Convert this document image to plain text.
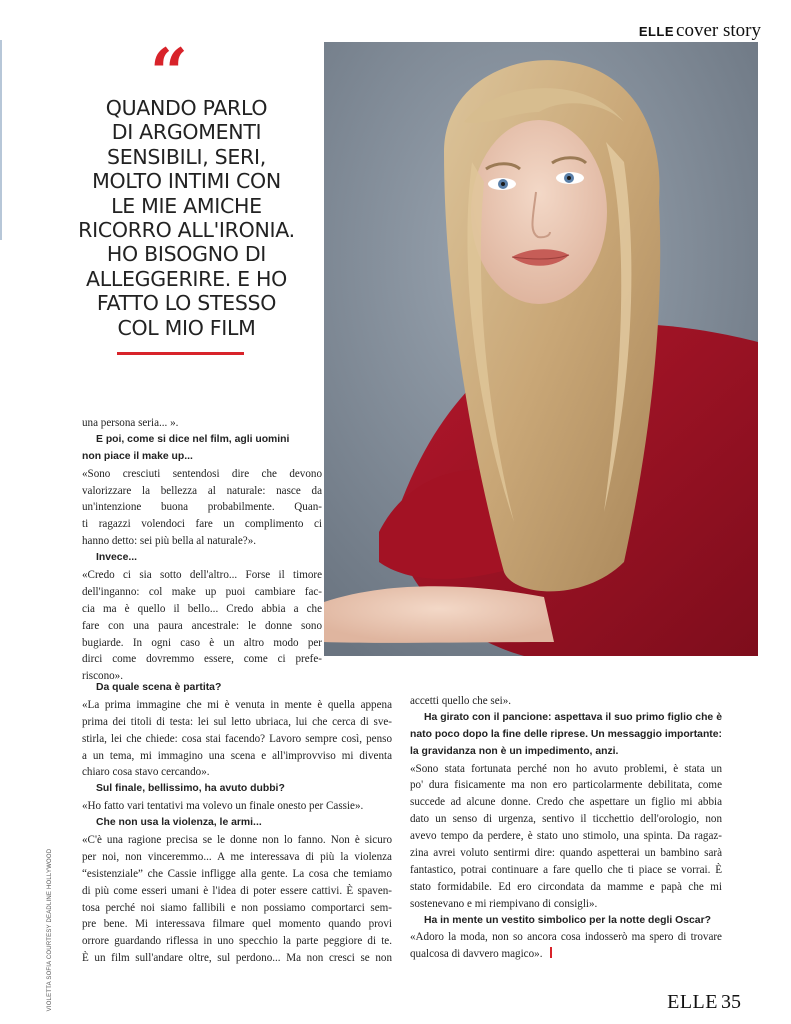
ELLE cover story
“
QUANDO PARLO
DI ARGOMENTI
SENSIBILI, SERI,
MOLTO INTIMI CON
LE MIE AMICHE
RICORRO ALL'IRONIA.
HO BISOGNO DI
ALLEGGERIRE. E HO
FATTO LO STESSO
COL MIO FILM
una persona seria... ».
E poi, come si dice nel film, agli uomini
non piace il make up...
«Sono cresciuti sentendosi dire che devono
valorizzare la bellezza al naturale: nasce da
un'intenzione buona probabilmente. Quan-
ti ragazzi volendoci fare un complimento ci
hanno detto: sei più bella al naturale?».
Invece...
«Credo ci sia sotto dell'altro... Forse il timore
dell'inganno: col make up puoi cambiare fac-
cia ma è quello il bello... Credo abbia a che
fare con una paura ancestrale: le donne sono
bugiarde. In ogni caso è un altro modo per
dirci come dovremmo essere, come ci prefe-
riscono».
Da quale scena è partita?
«La prima immagine che mi è venuta in mente è quella appena
prima dei titoli di testa: lei sul letto ubriaca, lui che cerca di sve-
stirla, lei che chiede: cosa stai facendo? Lavoro sempre così, penso
a un tema, mi immagino una scena e all'improvviso mi diventa
chiaro cosa stavo cercando».
Sul finale, bellissimo, ha avuto dubbi?
«Ho fatto vari tentativi ma volevo un finale onesto per Cassie».
Che non usa la violenza, le armi...
«C'è una ragione precisa se le donne non lo fanno. Non è sicuro
per noi, non vinceremmo... A me interessava di più la violenza
“esistenziale” che Cassie infligge alla gente. La cosa che temiamo
di più come esseri umani è l'idea di poter essere cattivi. È spaven-
tosa perché noi siamo fallibili e non possiamo comportarci sem-
pre bene. Mi interessava filmare quel momento quando provi
orrore guardando riflessa in uno specchio la parte peggiore di te.
È un film sull'andare oltre, sul perdono... Ma non cresci se non
accetti quello che sei».
Ha girato con il pancione: aspettava il suo primo figlio che è
nato poco dopo la fine delle riprese. Un messaggio importante:
la gravidanza non è un impedimento, anzi.
«Sono stata fortunata perché non ho avuto problemi, è stata un
po' dura fisicamente ma non ero particolarmente debilitata, come
succede ad alcune donne. Credo che aspettare un figlio mi abbia
dato un senso di urgenza, sentivo il ticchettio dell'orologio, non
avevo tempo da perdere, è stato uno stimolo, una spinta. Da ragaz-
zina avrei voluto sentirmi dire: quando aspetterai un bambino sarà
fantastico, potrai continuare a fare quello che ti piace se vorrai. È
stato formidabile. Ed ero circondata da mamme e papà che mi
sostenevano e mi riempivano di consigli».
Ha in mente un vestito simbolico per la notte degli Oscar?
«Adoro la moda, non so ancora cosa indosserò ma spero di trovare
qualcosa di davvero magico».
VIOLETTA SOFIA COURTESY DEADLINE HOLLYWOOD	ELLE 35
